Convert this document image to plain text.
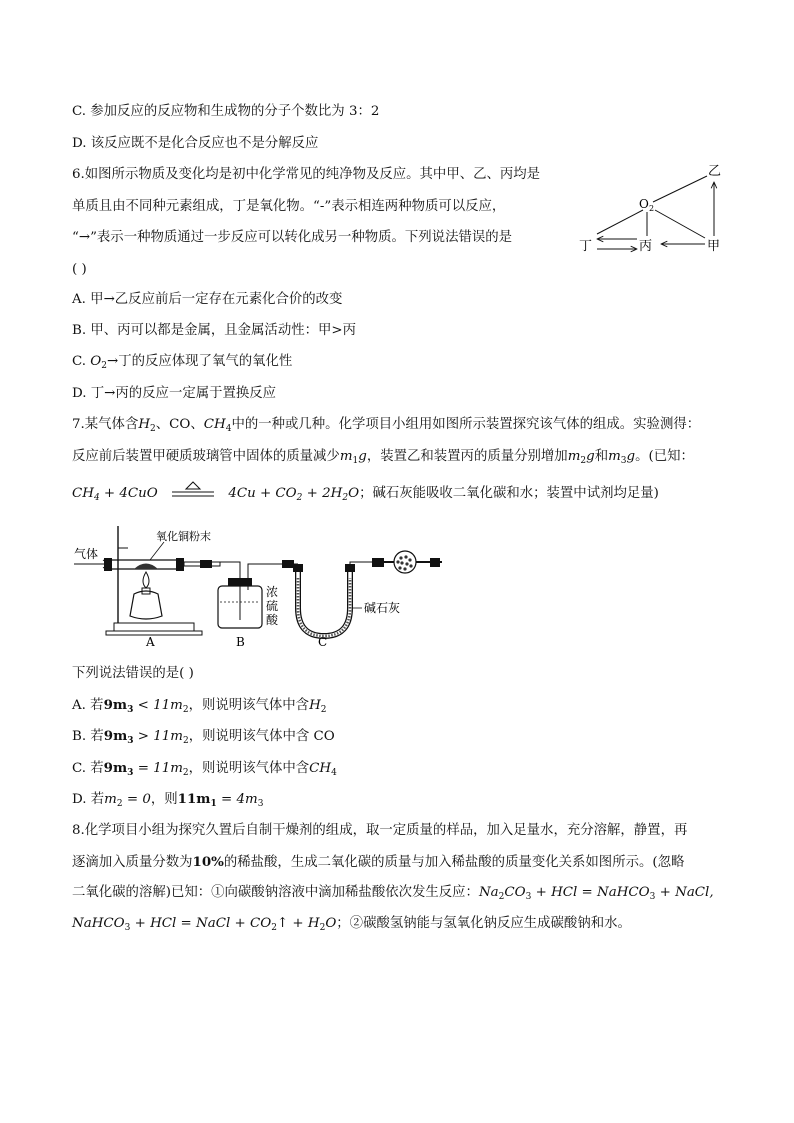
C. 参加反应的反应物和生成物的分子个数比为 3：2
D. 该反应既不是化合反应也不是分解反应
6.如图所示物质及变化均是初中化学常见的纯净物及反应。其中甲、乙、丙均是
单质且由不同种元素组成，丁是氧化物。“-”表示相连两种物质可以反应，
“→”表示一种物质通过一步反应可以转化成另一种物质。下列说法错误的是
( )
A. 甲→乙反应前后一定存在元素化合价的改变
B. 甲、丙可以都是金属，且金属活动性：甲>丙
C. $O_2\to$丁的反应体现了氧气的氧化性
D. 丁→丙的反应一定属于置换反应
乙
O 2
丁	丙	甲
7.某气体含$H_2$、CO、$CH_4$中的一种或几种。化学项目小组用如图所示装置探究该气体的组成。实验测得：
反应前后装置甲硬质玻璃管中固体的质量减少$m_1g$，装置乙和装置丙的质量分别增加$m_2g$和$m_3g$。(已知：
$CH_4 + 4CuO$	$4Cu + CO_2 + 2H_2O$；碱石灰能吸收二氧化碳和水；装置中试剂均足量)
气体
氧化铜粉末
浓
硫
酸
碱石灰
A	B	C
下列说法错误的是( )
A. 若$9m_3 < 11m_2$，则说明该气体中含$H_2$
B. 若$9m_3 > 11m_2$，则说明该气体中含 CO
C. 若$9m_3 = 11m_2$，则说明该气体中含$CH_4$
D. 若$m_2 = 0$，则$11m_1 = 4m_3$
8.化学项目小组为探究久置后自制干燥剂的组成，取一定质量的样品，加入足量水，充分溶解，静置，再
逐滴加入质量分数为10%的稀盐酸，生成二氧化碳的质量与加入稀盐酸的质量变化关系如图所示。(忽略
二氧化碳的溶解)已知：①向碳酸钠溶液中滴加稀盐酸依次发生反应：$Na_2CO_3$ + HCl = NaHCO$_3$ + NaCl,
NaHCO$_3$ + HCl = NaCl + $CO_2↑ + H_2O$；②碳酸氢钠能与氢氧化钠反应生成碳酸钠和水。
